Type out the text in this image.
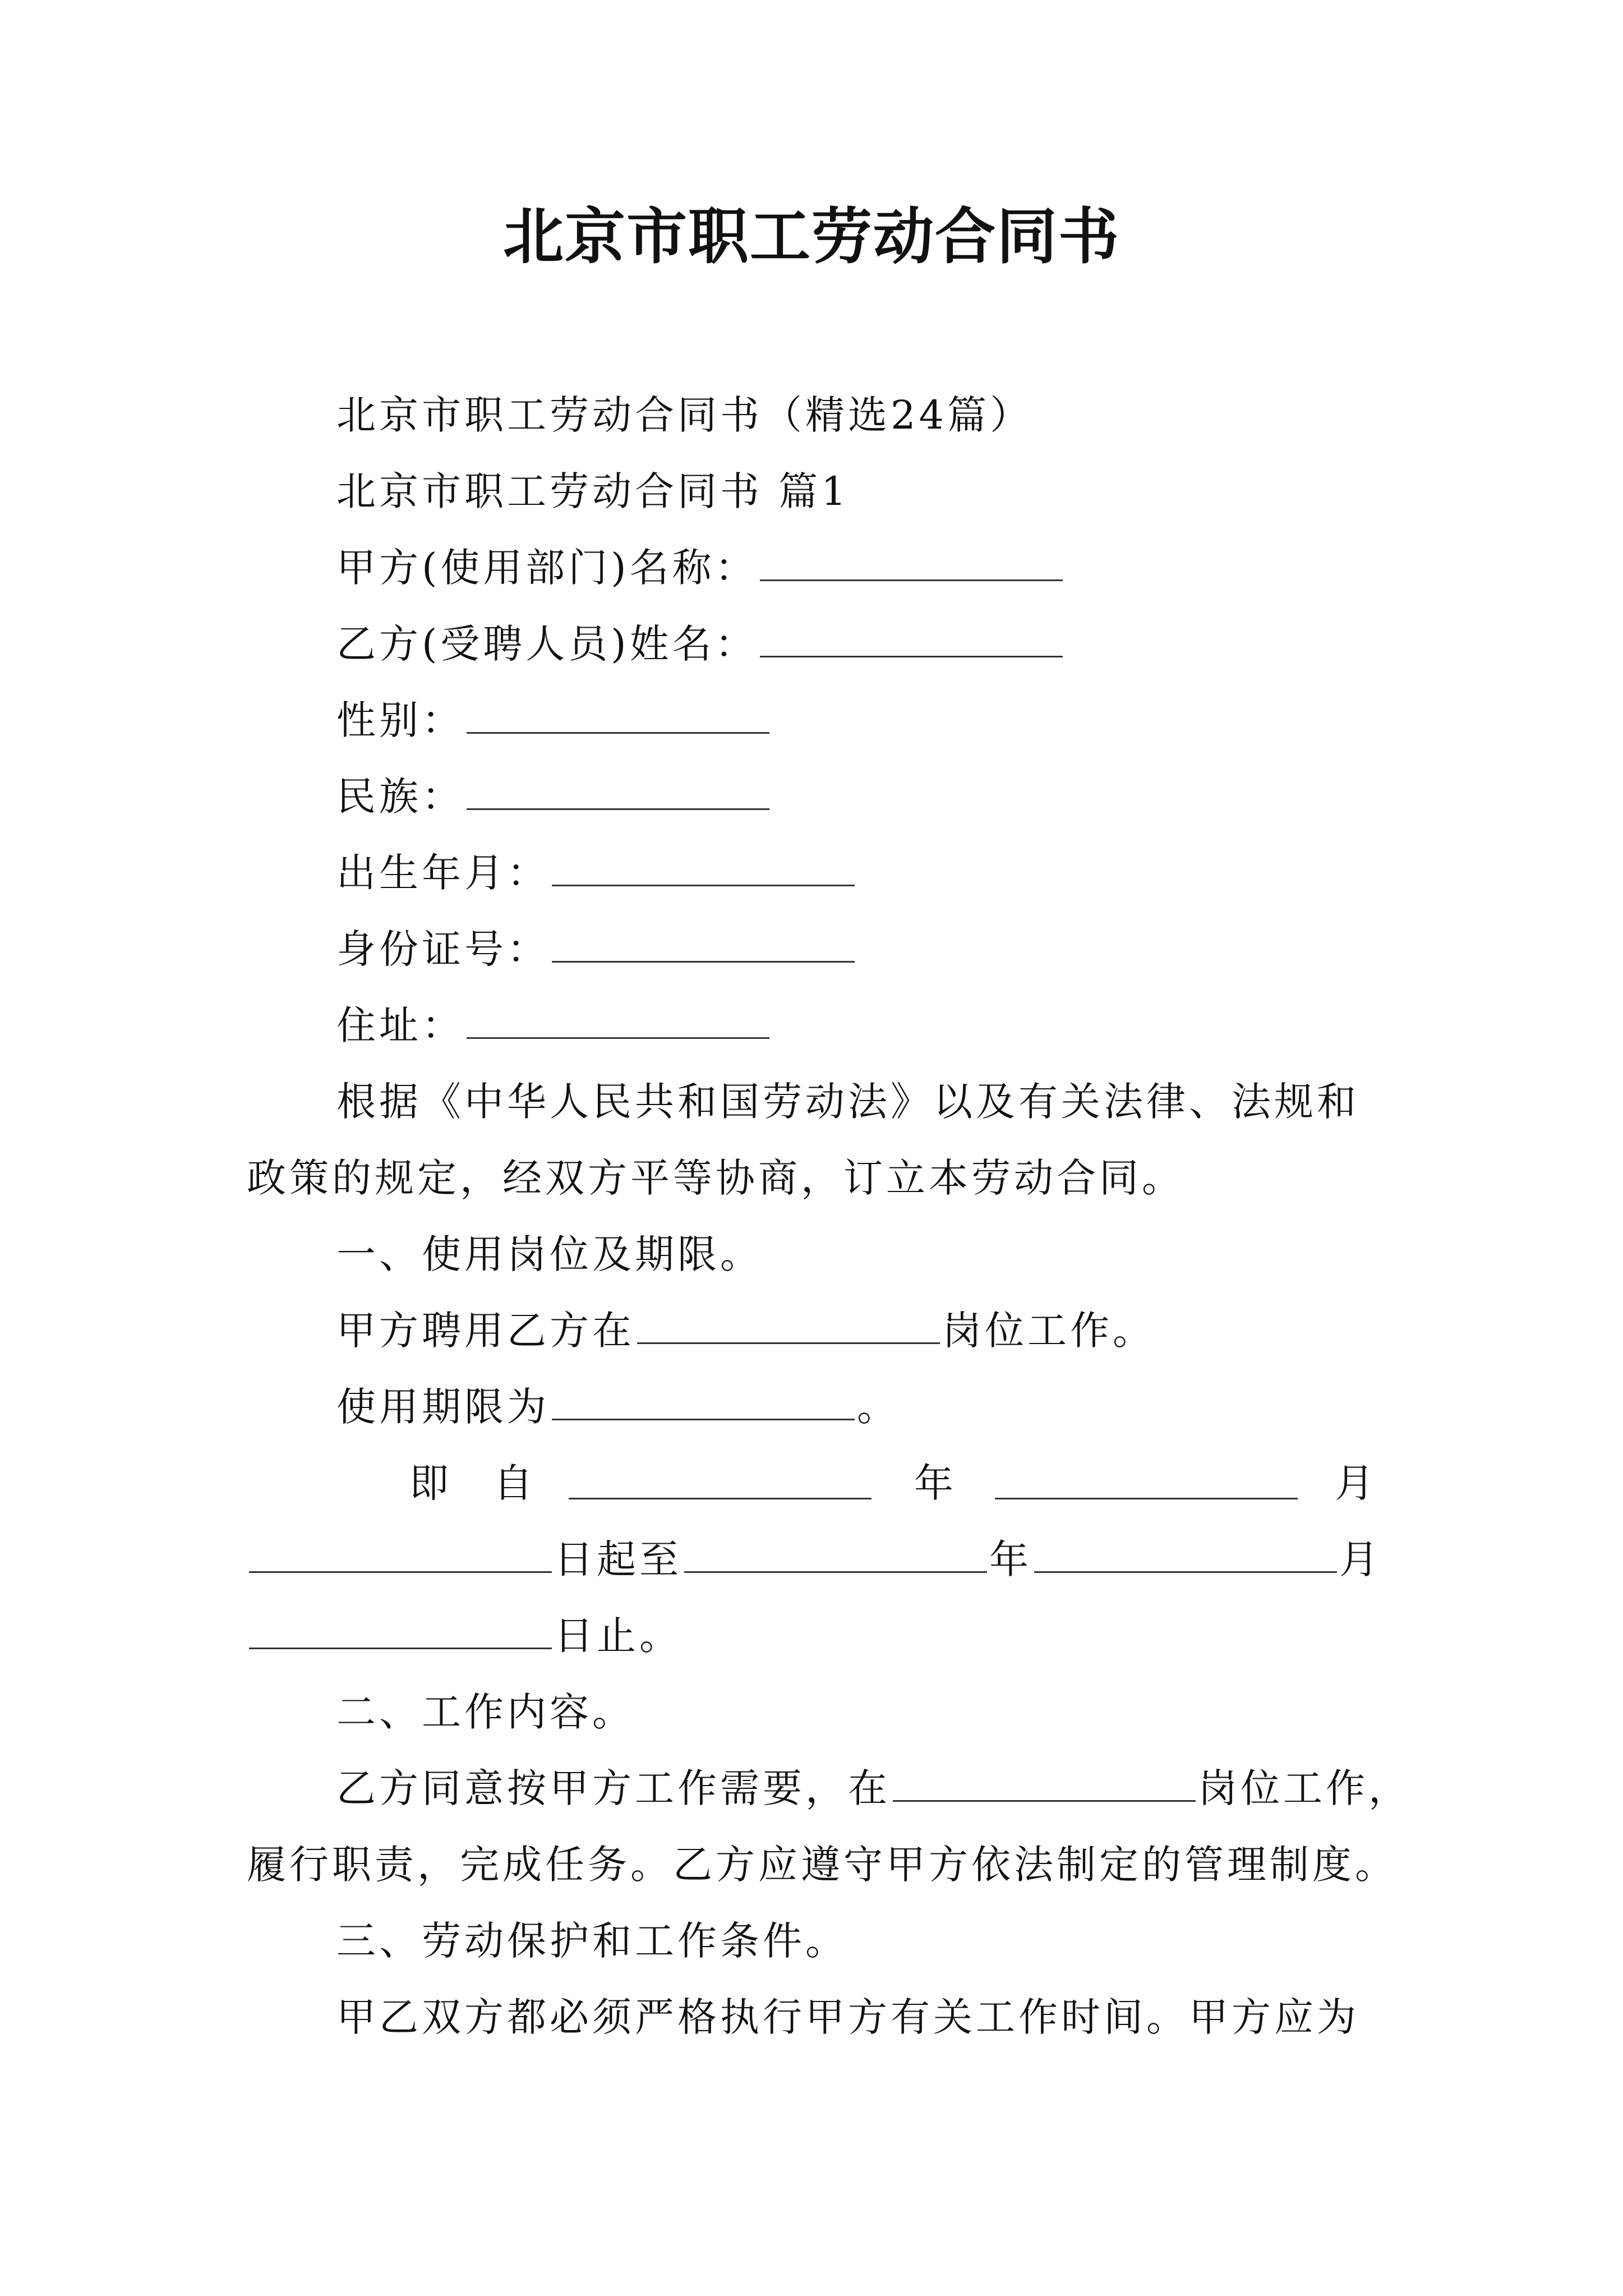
北京市职工劳动合同书
北京市职工劳动合同书（精选24篇）
北京市职工劳动合同书 篇1
甲方(使用部门)名称：
乙方(受聘人员)姓名：
性别：
民族：
出生年月：
身份证号：
住址：
根据《中华人民共和国劳动法》以及有关法律、法规和
政策的规定，经双方平等协商，订立本劳动合同。
一、使用岗位及期限。
甲方聘用乙方在	岗位工作。
使用期限为	。
即 自	年	月
日起至	年	月
日止。
二、工作内容。
乙方同意按甲方工作需要，在	岗位工作，
履行职责，完成任务。乙方应遵守甲方依法制定的管理制度。
三、劳动保护和工作条件。
甲乙双方都必须严格执行甲方有关工作时间。甲方应为
